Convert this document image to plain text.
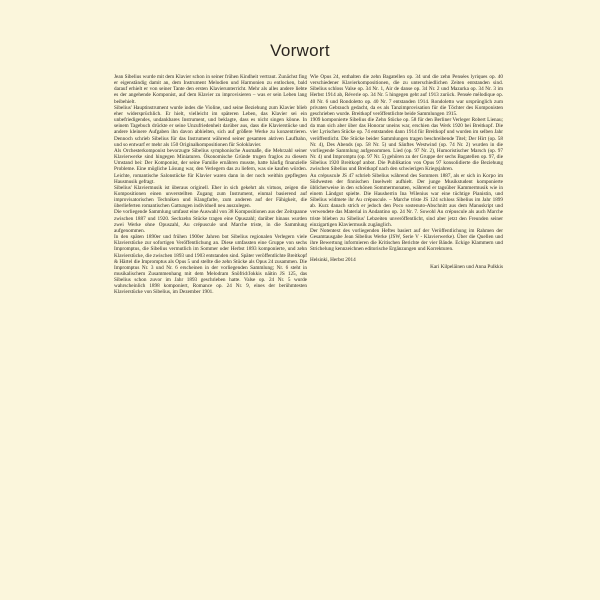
Vorwort

Jean Sibelius wurde mit dem Klavier schon in seiner frühen Kindheit vertraut. Zunächst fing er eigenständig damit an, dem Instrument Melodien und Harmonien zu entlocken, bald darauf erhielt er von seiner Tante den ersten Klavierunterricht. Mehr als alles andere liebte es der angehende Komponist, auf dem Klavier zu improvisieren – was er sein Leben lang beibehielt.

Sibelius' Hauptinstrument wurde indes die Violine, und seine Beziehung zum Klavier blieb eher widersprüchlich. Er hielt, vielleicht im späteren Leben, das Klavier sei ein unbefriedigendes, undankbares Instrument, und beklagte, dass es nicht singen könne. In seinem Tagebuch drückte er seine Unzufriedenheit darüber aus, dass die Klavierstücke und andere kleinere Aufgaben ihn davon abhielten, sich auf größere Werke zu konzentrieren. Dennoch schrieb Sibelius für das Instrument während seiner gesamten aktiven Laufbahn, und so entwarf er mehr als 150 Originalkompositionen für Soloklavier.

Als Orchesterkomponist bevorzugte Sibelius symphonische Ausmaße, die Mehrzahl seiner Klavierwerke sind hingegen Miniaturen. Ökonomische Gründe trugen fraglos zu diesem Umstand bei: Der Komponist, der seine Familie ernähren musste, hatte häufig finanzielle Probleme. Eine mögliche Lösung war, den Verlegern das zu liefern, was sie kaufen würden. Leichte, romantische Salonstücke für Klavier waren dann in der noch weithin gepflegten Hausmusik gefragt.

Sibelius' Klaviermusik ist überaus originell. Eher in sich gekehrt als virtuos, zeigen die Kompositionen einen unverstellten Zugang zum Instrument, einmal basierend auf improvisatorischen Techniken und Klangfarbe, zum anderen auf der Fähigkeit, die überlieferten romantischen Gattungen individuell neu auszulegen.

Die vorliegende Sammlung umfasst eine Auswahl von 38 Kompositionen aus der Zeitspanne zwischen 1887 und 1920. Sechzehn Stücke tragen eine Opuszahl; darüber hinaus wurden zwei Werke ohne Opuszahl, Au crépuscule und Marche triste, in die Sammlung aufgenommen.

In den späten 1890er und frühen 1900er Jahren bot Sibelius regionalen Verlegern viele Klavierstücke zur sofortigen Veröffentlichung an. Diese umfassten eine Gruppe von sechs Impromptus, die Sibelius vermutlich im Sommer oder Herbst 1893 komponierte, und zehn Klavierstücke, die zwischen 1893 und 1903 entstanden sind. Später veröffentlichte Breitkopf & Härtel die Impromptus als Opus 5 und stellte die zehn Stücke als Opus 24 zusammen. Die Impromptus Nr. 3 und Nr. 6 erscheinen in der vorliegenden Sammlung; Nr. 6 steht in musikalischem Zusammenhang mit dem Melodram Snöfrid/Jokkis näitin JS 125, das Sibelius schon zuvor im Jahr 1893 geschrieben hatte. Valse op. 24 Nr. 5 wurde wahrscheinlich 1898 komponiert, Romance op. 24 Nr. 9, eines der berühmtesten Klavierstücke von Sibelius, im Dezember 1901.

Wie Opus 24, enthalten die zehn Bagatellen op. 34 und die zehn Pensées lyriques op. 40 verschiedener Klavierkompositionen, die zu unterschiedlichen Zeiten entstanden sind. Sibelius schloss Valse op. 34 Nr. 1, Air de danse op. 34 Nr. 2 und Mazurka op. 34 Nr. 3 im Herbst 1914 ab, Réverie op. 34 Nr. 5 hingegen geht auf 1913 zurück. Pensée mélodique op. 40 Nr. 6 und Rondoletto op. 40 Nr. 7 entstanden 1914. Rondoletto war ursprünglich zum privaten Gebrauch gedacht, da es als Tanzimprovisation für die Töchter des Komponisten geschrieben wurde. Breitkopf veröffentlichte beide Sammlungen 1915.

1909 komponierte Sibelius die Zehn Stücke op. 58 für den Berliner Verleger Robert Lienau; da man sich aber über das Honorar uneins war, erschien das Werk 1920 bei Breitkopf. Die vier Lyrischen Stücke op. 74 entstanden dann 1914 für Breitkopf und wurden im selben Jahr veröffentlicht. Die Stücke beider Sammlungen tragen beschreibende Titel; Der Hirt (op. 58 Nr. 4), Des Abends (op. 58 Nr. 5) und Sänftes Westwind (op. 74 Nr. 2) wurden in die vorliegende Sammlung aufgenommen. Lied (op. 97 Nr. 2), Humoristischer Marsch (op. 97 Nr. 4) und Impromptu (op. 97 Nr. 5) gehören zu der Gruppe der sechs Bagatellen op. 97, die Sibelius 1920 Breitkopf anbot. Die Publikation von Opus 97 konsolidierte die Beziehung zwischen Sibelius und Breitkopf nach den schwierigen Kriegsjahren.

Au crépuscule JS 47 schrieb Sibelius während des Sommers 1887, als er sich in Korpo im Südwesten der finnischen Inselwelt aufhielt. Der junge Musikstudent komponierte üblicherweise in den schönen Sommermonaten, während er tagsüber Kammermusik wie in einem Ländgut spielte. Die Hausherrin Ina Wilenius war eine tüchtige Pianistin, und Sibelius widmete ihr Au crépuscule. – Marche triste JS 124 schloss Sibelius im Jahr 1899 ab. Kurz danach strich er jedoch den Poco sostenuto-Abschnitt aus dem Manuskript und verwendete das Material in Andantino op. 24 Nr. 7. Sowohl Au crépuscule als auch Marche triste blieben zu Sibelius' Lebzeiten unveröffentlicht, sind aber jetzt den Freunden seiner einzigartigen Klaviermusik zugänglich.

Der Notentext des vorliegenden Heftes basiert auf der Veröffentlichung im Rahmen der Gesamtausgabe Jean Sibelius Werke (JSW, Serie V - Klavierwerke). Über die Quellen und ihre Bewertung informieren die Kritischen Berichte der vier Bände. Eckige Klammern und Strichelung kennzeichnen editorische Ergänzungen und Korrekturen.

Helsinki, Herbst 2014
Kari Kilpeläinen und Anna Pulkkis
